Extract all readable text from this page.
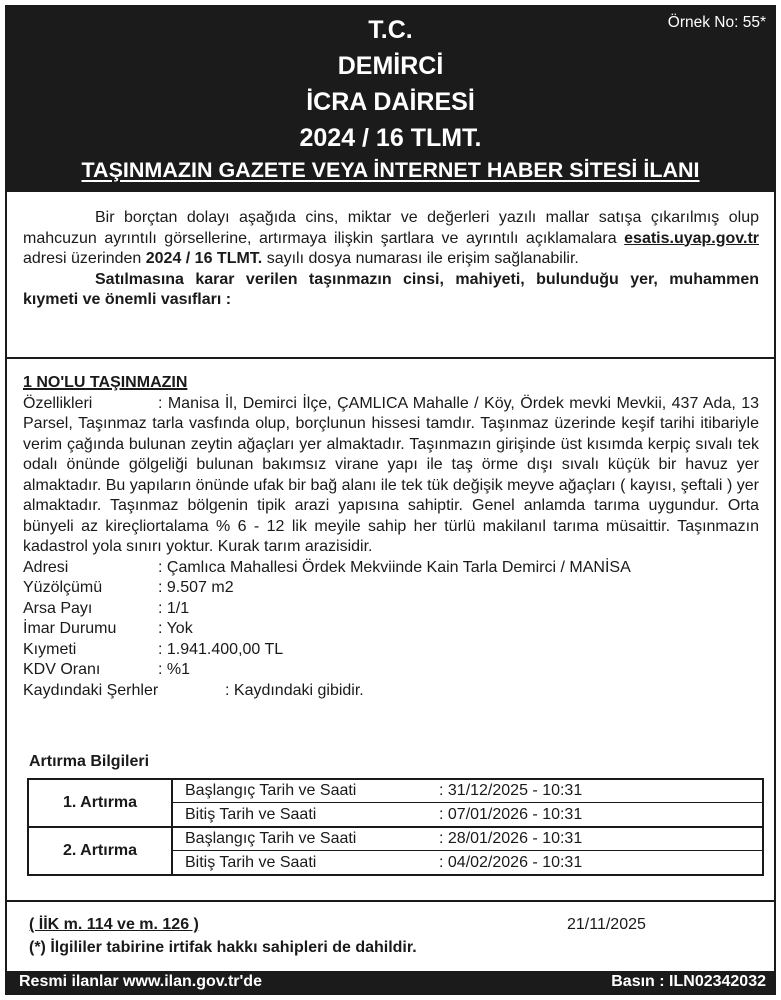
Örnek No: 55*
T.C.
DEMİRCİ
İCRA DAİRESİ
2024 / 16 TLMT.
TAŞINMAZIN GAZETE VEYA İNTERNET HABER SİTESİ İLANI

Bir borçtan dolayı aşağıda cins, miktar ve değerleri yazılı mallar satışa çıkarılmış olup mahcuzun ayrıntılı görsellerine, artırmaya ilişkin şartlara ve ayrıntılı açıklamalara esatis.uyap.gov.tr adresi üzerinden 2024 / 16 TLMT. sayılı dosya numarası ile erişim sağlanabilir.

Satılmasına karar verilen taşınmazın cinsi, mahiyeti, bulunduğu yer, muhammen kıymeti ve önemli vasıfları :

1 NO'LU TAŞINMAZIN
Özellikleri	: Manisa İl, Demirci İlçe, ÇAMLICA Mahalle / Köy, Ördek mevki Mevkii, 437 Ada, 13 Parsel, Taşınmaz tarla vasfında olup, borçlunun hissesi tamdır. Taşınmaz üzerinde keşif tarihi itibariyle verim çağında bulunan zeytin ağaçları yer almaktadır. Taşınmazın girişinde üst kısımda kerpiç sıvalı tek odalı önünde gölgeliği bulunan bakımsız virane yapı ile taş örme dışı sıvalı küçük bir havuz yer almaktadır. Bu yapıların önünde ufak bir bağ alanı ile tek tük değişik meyve ağaçları ( kayısı, şeftali ) yer almaktadır. Taşınmaz bölgenin tipik arazi yapısına sahiptir. Genel anlamda tarıma uygundur. Orta bünyeli az kireçliortalama % 6 - 12 lik meyile sahip her türlü makilanıl tarıma müsaittir. Taşınmazın kadastrol yola sınırı yoktur. Kurak tarım arazisidir.
Adresi	: Çamlıca Mahallesi Ördek Mekviinde Kain Tarla Demirci / MANİSA
Yüzölçümü	: 9.507 m2
Arsa Payı	: 1/1
İmar Durumu	: Yok
Kıymeti	: 1.941.400,00 TL
KDV Oranı	: %1
Kaydındaki Şerhler	: Kaydındaki gibidir.
Artırma Bilgileri
1. Artırma
Başlangıç Tarih ve Saati	: 31/12/2025 - 10:31
Bitiş Tarih ve Saati	: 07/01/2026 - 10:31
2. Artırma
Başlangıç Tarih ve Saati	: 28/01/2026 - 10:31
Bitiş Tarih ve Saati	: 04/02/2026 - 10:31
( İİK m. 114 ve m. 126 )	21/11/2025
(*) İlgililer tabirine irtifak hakkı sahipleri de dahildir.
Resmi ilanlar www.ilan.gov.tr'de	Basın : ILN02342032
